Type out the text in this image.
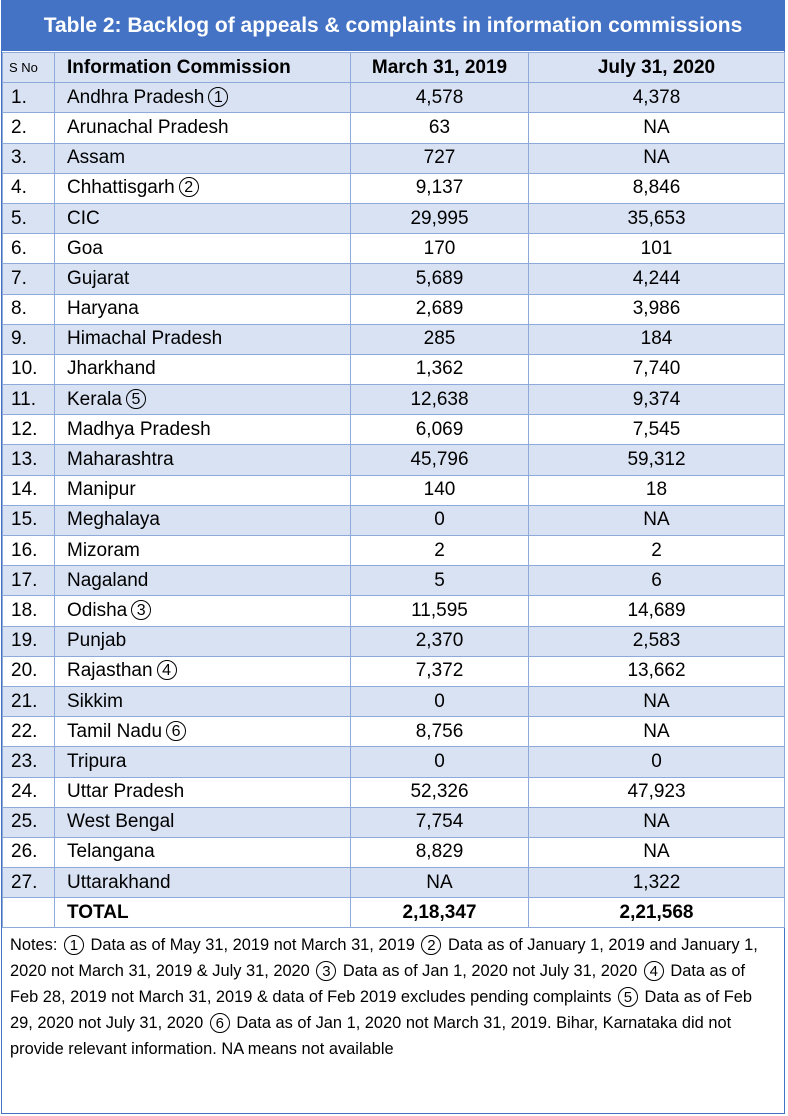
Table 2: Backlog of appeals & complaints in information commissions
S No	Information Commission	March 31, 2019	July 31, 2020
1.	Andhra Pradesh 1	4,578	4,378
2.	Arunachal Pradesh	63	NA
3.	Assam	727	NA
4.	Chhattisgarh 2	9,137	8,846
5.	CIC	29,995	35,653
6.	Goa	170	101
7.	Gujarat	5,689	4,244
8.	Haryana	2,689	3,986
9.	Himachal Pradesh	285	184
10.	Jharkhand	1,362	7,740
11.	Kerala 5	12,638	9,374
12.	Madhya Pradesh	6,069	7,545
13.	Maharashtra	45,796	59,312
14.	Manipur	140	18
15.	Meghalaya	0	NA
16.	Mizoram	2	2
17.	Nagaland	5	6
18.	Odisha 3	11,595	14,689
19.	Punjab	2,370	2,583
20.	Rajasthan 4	7,372	13,662
21.	Sikkim	0	NA
22.	Tamil Nadu 6	8,756	NA
23.	Tripura	0	0
24.	Uttar Pradesh	52,326	47,923
25.	West Bengal	7,754	NA
26.	Telangana	8,829	NA
27.	Uttarakhand	NA	1,322
	TOTAL	2,18,347	2,21,568
Notes: 1 Data as of May 31, 2019 not March 31, 2019 2 Data as of January 1, 2019 and January 1, 2020 not March 31, 2019 & July 31, 2020 3 Data as of Jan 1, 2020 not July 31, 2020 4 Data as of Feb 28, 2019 not March 31, 2019 & data of Feb 2019 excludes pending complaints 5 Data as of Feb 29, 2020 not July 31, 2020 6 Data as of Jan 1, 2020 not March 31, 2019. Bihar, Karnataka did not provide relevant information. NA means not available
